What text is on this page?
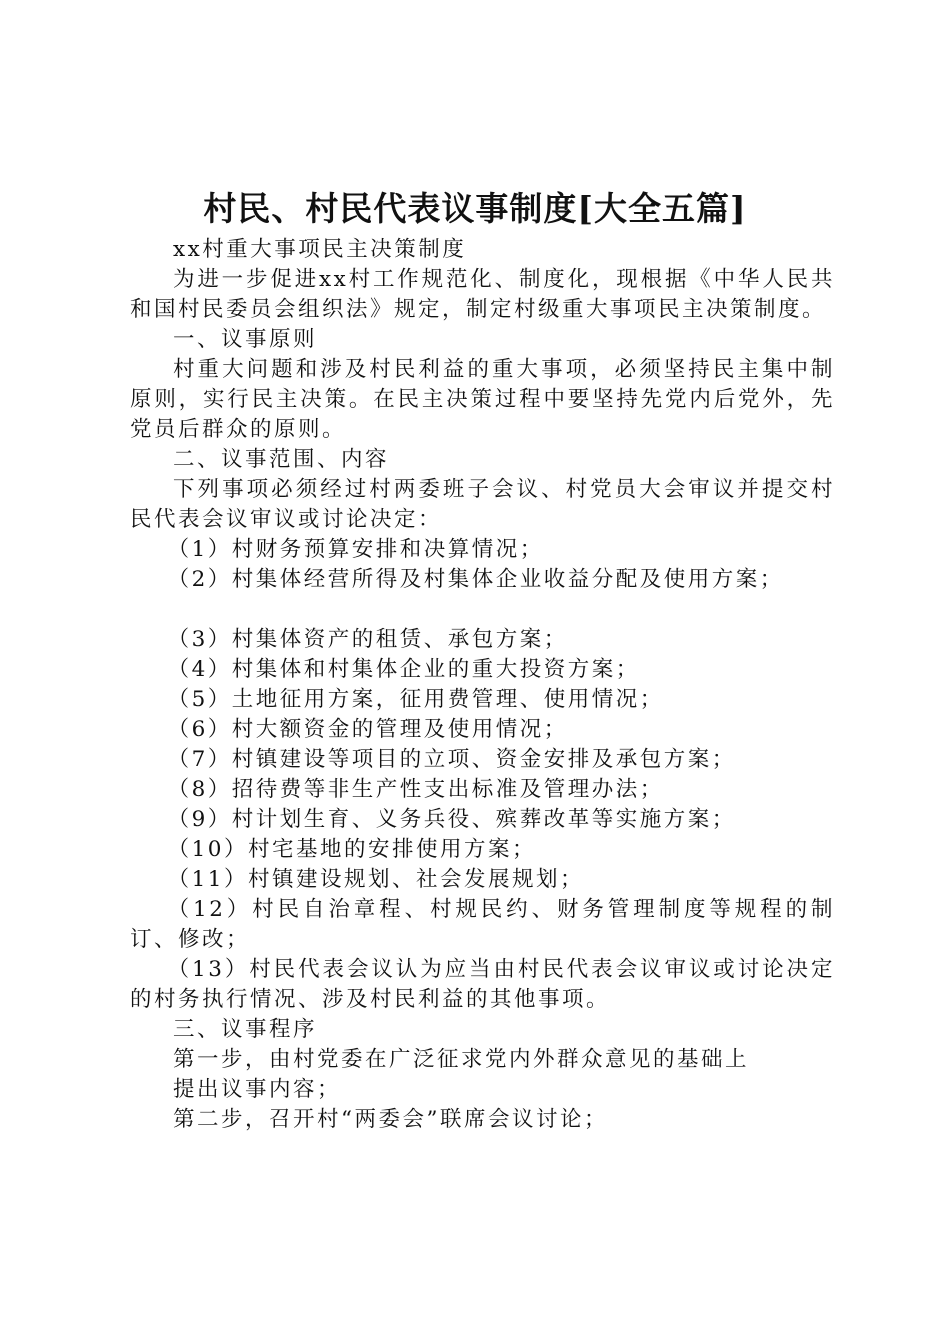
村民、村民代表议事制度[大全五篇]

xx村重大事项民主决策制度

为进一步促进xx村工作规范化、制度化，现根据《中华人民共和国村民委员会组织法》规定，制定村级重大事项民主决策制度。

一、议事原则

村重大问题和涉及村民利益的重大事项，必须坚持民主集中制原则，实行民主决策。在民主决策过程中要坚持先党内后党外，先党员后群众的原则。

二、议事范围、内容

下列事项必须经过村两委班子会议、村党员大会审议并提交村民代表会议审议或讨论决定：

（1）村财务预算安排和决算情况；

（2）村集体经营所得及村集体企业收益分配及使用方案；

（3）村集体资产的租赁、承包方案；

（4）村集体和村集体企业的重大投资方案；

（5）土地征用方案，征用费管理、使用情况；

（6）村大额资金的管理及使用情况；

（7）村镇建设等项目的立项、资金安排及承包方案；

（8）招待费等非生产性支出标准及管理办法；

（9）村计划生育、义务兵役、殡葬改革等实施方案；

（10）村宅基地的安排使用方案；

（11）村镇建设规划、社会发展规划；

（12）村民自治章程、村规民约、财务管理制度等规程的制订、修改；

（13）村民代表会议认为应当由村民代表会议审议或讨论决定的村务执行情况、涉及村民利益的其他事项。

三、议事程序

第一步，由村党委在广泛征求党内外群众意见的基础上

提出议事内容；

第二步，召开村“两委会”联席会议讨论；
